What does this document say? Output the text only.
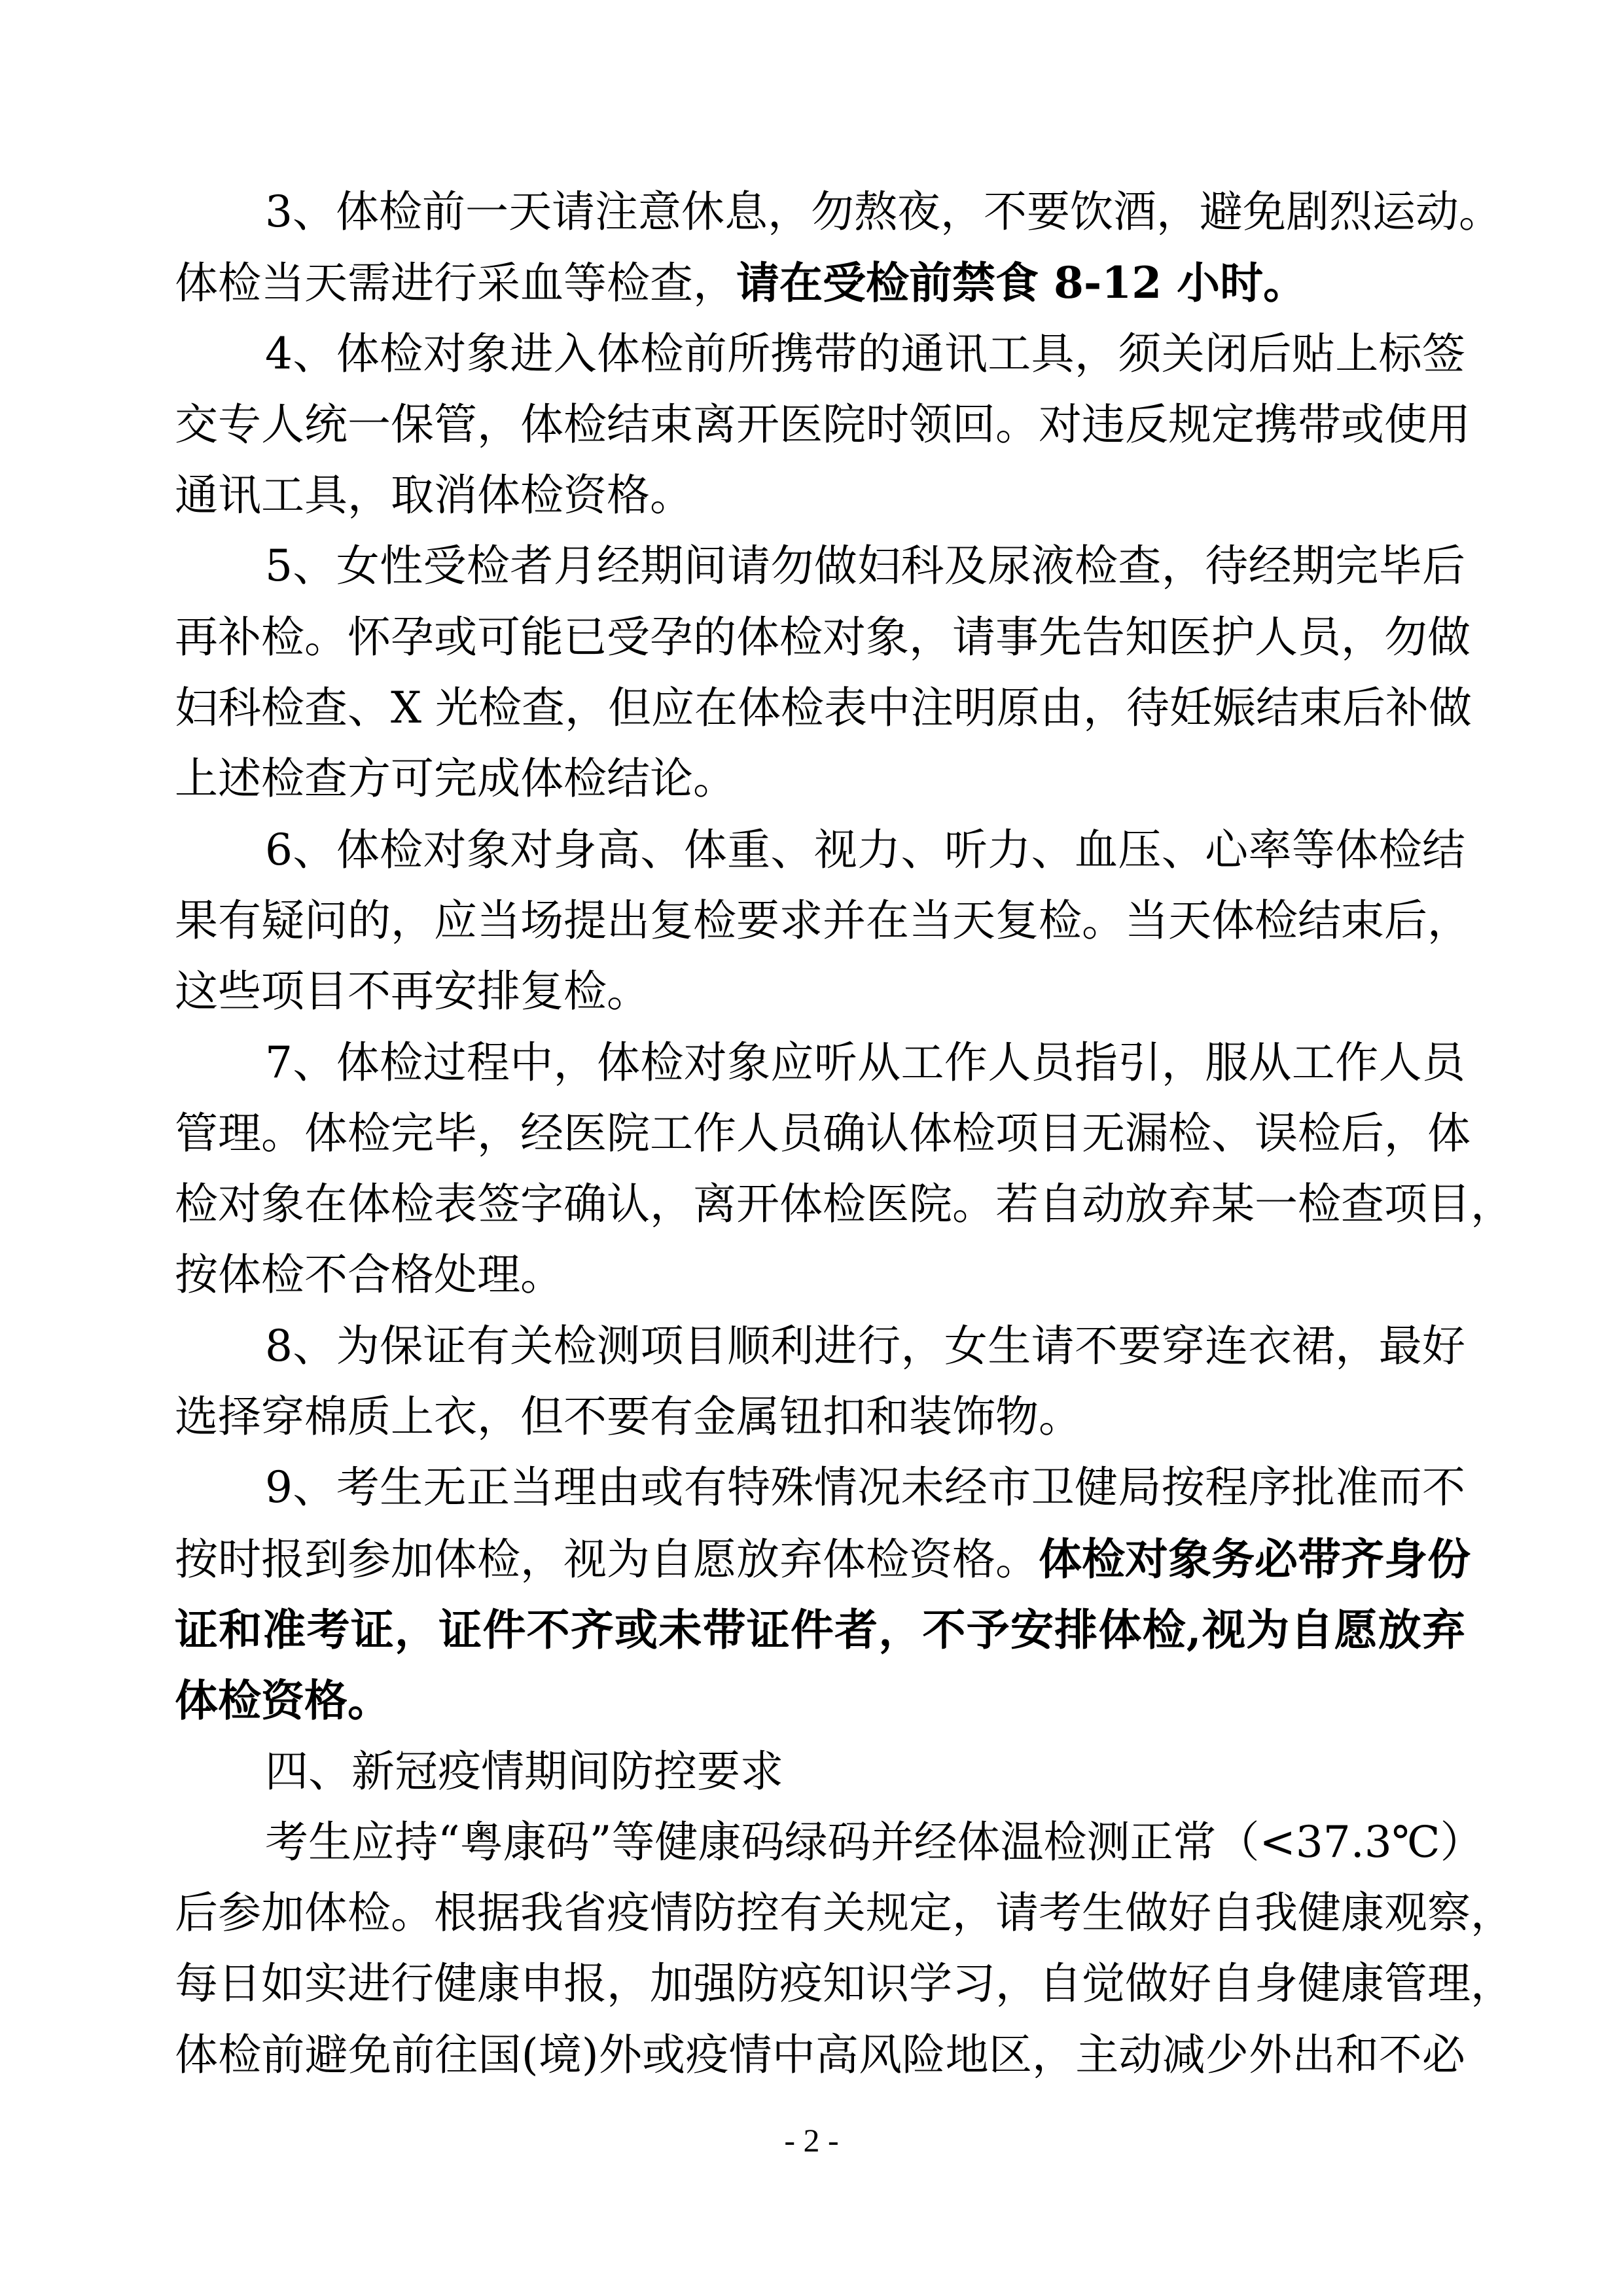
3、体检前一天请注意休息，勿熬夜，不要饮酒，避免剧烈运动。
体检当天需进行采血等检查，请在受检前禁食 8-12 小时。
4、体检对象进入体检前所携带的通讯工具，须关闭后贴上标签
交专人统一保管，体检结束离开医院时领回。对违反规定携带或使用
通讯工具，取消体检资格。
5、女性受检者月经期间请勿做妇科及尿液检查，待经期完毕后
再补检。怀孕或可能已受孕的体检对象，请事先告知医护人员，勿做
妇科检查、X 光检查，但应在体检表中注明原由，待妊娠结束后补做
上述检查方可完成体检结论。
6、体检对象对身高、体重、视力、听力、血压、心率等体检结
果有疑问的，应当场提出复检要求并在当天复检。当天体检结束后，
这些项目不再安排复检。
7、体检过程中，体检对象应听从工作人员指引，服从工作人员
管理。体检完毕，经医院工作人员确认体检项目无漏检、误检后，体
检对象在体检表签字确认，离开体检医院。若自动放弃某一检查项目，
按体检不合格处理。
8、为保证有关检测项目顺利进行，女生请不要穿连衣裙，最好
选择穿棉质上衣，但不要有金属钮扣和装饰物。
9、考生无正当理由或有特殊情况未经市卫健局按程序批准而不
按时报到参加体检，视为自愿放弃体检资格。体检对象务必带齐身份
证和准考证，证件不齐或未带证件者，不予安排体检,视为自愿放弃
体检资格。
四、新冠疫情期间防控要求
考生应持“粤康码”等健康码绿码并经体温检测正常（<37.3℃）
后参加体检。根据我省疫情防控有关规定，请考生做好自我健康观察，
每日如实进行健康申报，加强防疫知识学习，自觉做好自身健康管理，
体检前避免前往国(境)外或疫情中高风险地区，主动减少外出和不必
- 2 -
